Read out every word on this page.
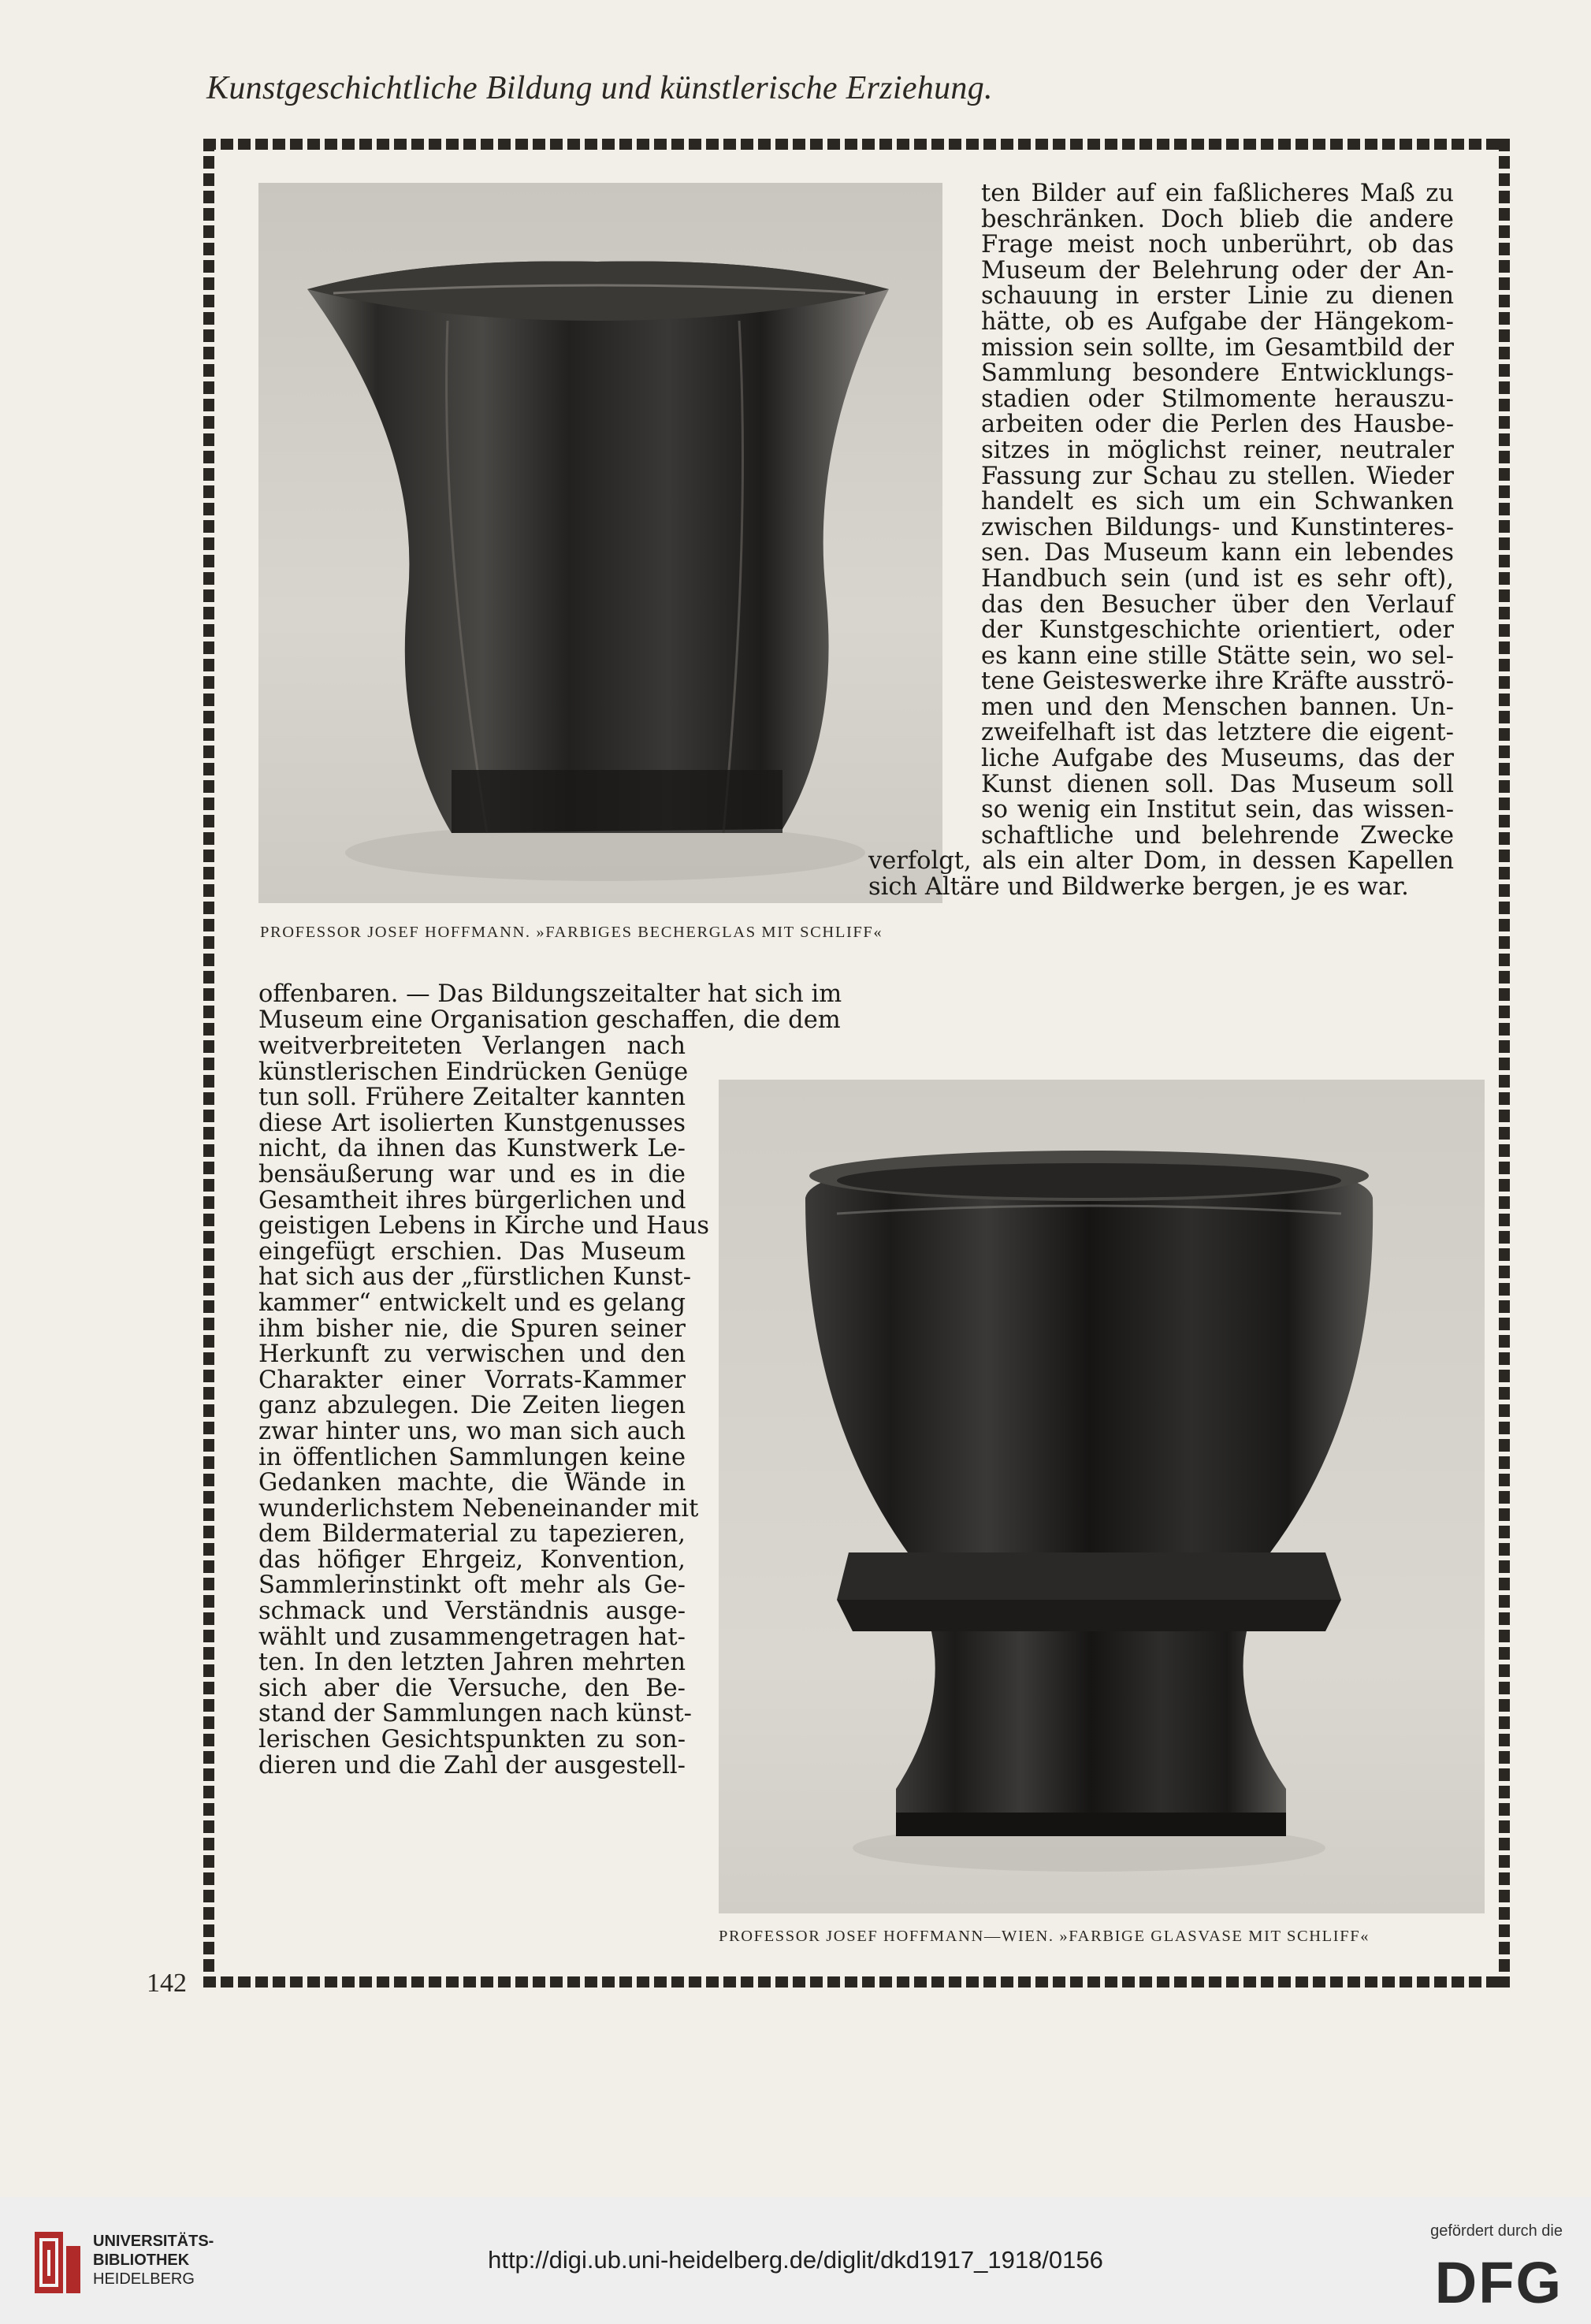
Kunstgeschichtliche Bildung und künstlerische Erziehung.
PROFESSOR JOSEF HOFFMANN. »FARBIGES BECHERGLAS MIT SCHLIFF«
ten Bilder auf ein faßlicheres Maß zu
beschränken. Doch blieb die andere
Frage meist noch unberührt, ob das
Museum der Belehrung oder der An-
schauung in erster Linie zu dienen
hätte, ob es Aufgabe der Hängekom-
mission sein sollte, im Gesamtbild der
Sammlung besondere Entwicklungs-
stadien oder Stilmomente herauszu-
arbeiten oder die Perlen des Hausbe-
sitzes in möglichst reiner, neutraler
Fassung zur Schau zu stellen. Wieder
handelt es sich um ein Schwanken
zwischen Bildungs- und Kunstinteres-
sen. Das Museum kann ein lebendes
Handbuch sein (und ist es sehr oft),
das den Besucher über den Verlauf
der Kunstgeschichte orientiert, oder
es kann eine stille Stätte sein, wo sel-
tene Geisteswerke ihre Kräfte ausströ-
men und den Menschen bannen. Un-
zweifelhaft ist das letztere die eigent-
liche Aufgabe des Museums, das der
Kunst dienen soll. Das Museum soll
so wenig ein Institut sein, das wissen-
schaftliche und belehrende Zwecke
verfolgt, als ein alter Dom, in dessen Kapellen
sich Altäre und Bildwerke bergen, je es war.
offenbaren. — Das Bildungszeitalter hat sich im
Museum eine Organisation geschaffen, die dem
weitverbreiteten Verlangen nach
künstlerischen Eindrücken Genüge
tun soll. Frühere Zeitalter kannten
diese Art isolierten Kunstgenusses
nicht, da ihnen das Kunstwerk Le-
bensäußerung war und es in die
Gesamtheit ihres bürgerlichen und
geistigen Lebens in Kirche und Haus
eingefügt erschien. Das Museum
hat sich aus der „fürstlichen Kunst-
kammer“ entwickelt und es gelang
ihm bisher nie, die Spuren seiner
Herkunft zu verwischen und den
Charakter einer Vorrats-Kammer
ganz abzulegen. Die Zeiten liegen
zwar hinter uns, wo man sich auch
in öffentlichen Sammlungen keine
Gedanken machte, die Wände in
wunderlichstem Nebeneinander mit
dem Bildermaterial zu tapezieren,
das höfiger Ehrgeiz, Konvention,
Sammlerinstinkt oft mehr als Ge-
schmack und Verständnis ausge-
wählt und zusammengetragen hat-
ten. In den letzten Jahren mehrten
sich aber die Versuche, den Be-
stand der Sammlungen nach künst-
lerischen Gesichtspunkten zu son-
dieren und die Zahl der ausgestell-
PROFESSOR JOSEF HOFFMANN—WIEN. »FARBIGE GLASVASE MIT SCHLIFF«
142
UNIVERSITÄTS-
BIBLIOTHEK
HEIDELBERG
http://digi.ub.uni-heidelberg.de/diglit/dkd1917_1918/0156
gefördert durch die
DFG
